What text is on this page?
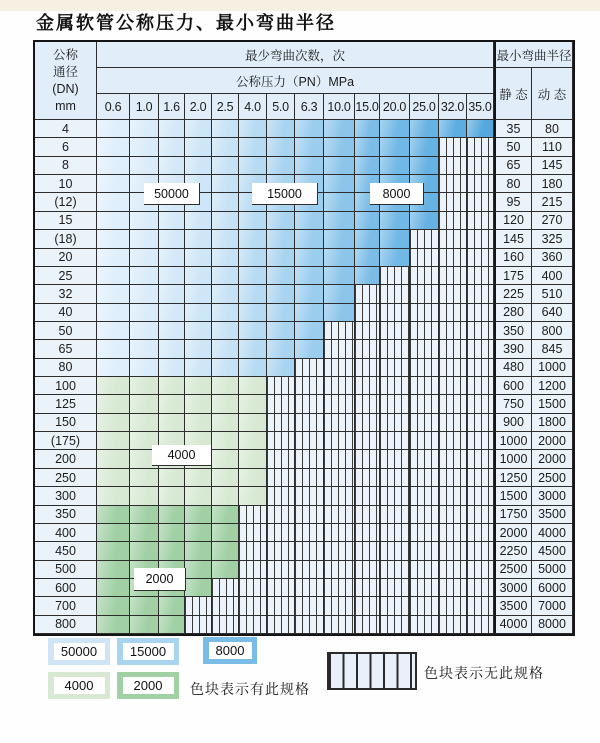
金属软管公称压力、最小弯曲半径
公称
通径
(DN)
mm
最少弯曲次数，次	最小弯曲半径
公称压力（PN）MPa
静 态 动 态
50000	15000	8000
4000
2000
0.6	1.0 1.6 2.0 2.5 4.0 5.0 6.3 10.0 15.0 20.0 25.0 32.0 35.0
4	35	80
6	50	110
8	65	145
10	80	180
(12)	95	215
15	120	270
(18)	145	325
20	160	360
25	175	400
32	225	510
40	280	640
50	350	800
65	390	845
80	480	1000
100	600	1200
125	750	1500
150	900	1800
(175)	1000 2000
200	1000 2000
250	1250 2500
300	1500 3000
350	1750 3500
400	2000 4000
450	2250 4500
500	2500 5000
600	3000 6000
700	3500 7000
800	4000 8000
50000	15000	8000
4000	2000	色块表示有此规格
色块表示无此规格
